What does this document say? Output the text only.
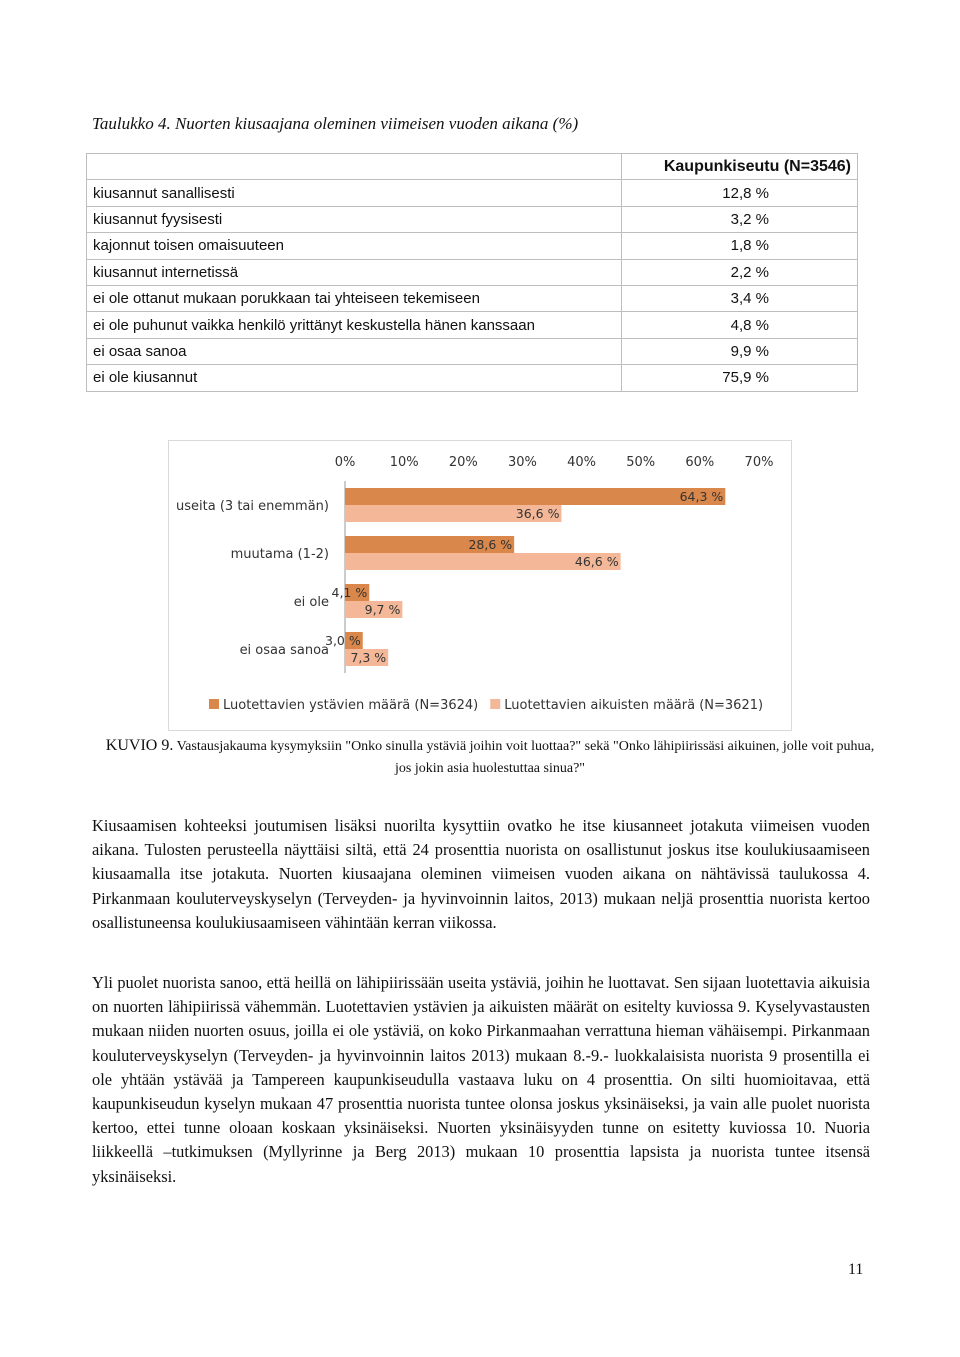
Taulukko 4. Nuorten kiusaajana oleminen viimeisen vuoden aikana (%)
	Kaupunkiseutu (N=3546)
kiusannut sanallisesti	12,8 %
kiusannut fyysisesti	3,2 %
kajonnut toisen omaisuuteen	1,8 %
kiusannut internetissä	2,2 %
ei ole ottanut mukaan porukkaan tai yhteiseen tekemiseen	3,4 %
ei ole puhunut vaikka henkilö yrittänyt keskustella hänen kanssaan	4,8 %
ei osaa sanoa	9,9 %
ei ole kiusannut	75,9 %
0%	10% 20% 30% 40% 50% 60% 70%
useita (3 tai enemmän)
64,3 %
36,6 %
muutama (1-2)
28,6 %
46,6 %
ei ole
4,1 %
9,7 %
ei osaa sanoa
3,0 %
7,3 %
Luotettavien ystävien määrä (N=3624) Luotettavien aikuisten määrä (N=3621)
KUVIO 9. Vastausjakauma kysymyksiin "Onko sinulla ystäviä joihin voit luottaa?" sekä "Onko lähipiirissäsi aikuinen, jolle voit puhua, jos jokin asia huolestuttaa sinua?"

Kiusaamisen kohteeksi joutumisen lisäksi nuorilta kysyttiin ovatko he itse kiusanneet jotakuta viimeisen vuoden aikana. Tulosten perusteella näyttäisi siltä, että 24 prosenttia nuorista on osallistunut joskus itse koulukiusaamiseen kiusaamalla itse jotakuta. Nuorten kiusaajana oleminen viimeisen vuoden aikana on nähtävissä taulukossa 4. Pirkanmaan kouluterveyskyselyn (Terveyden- ja hyvinvoinnin laitos, 2013) mukaan neljä prosenttia nuorista kertoo osallistuneensa koulukiusaamiseen vähintään kerran viikossa.

Yli puolet nuorista sanoo, että heillä on lähipiirissään useita ystäviä, joihin he luottavat. Sen sijaan luotettavia aikuisia on nuorten lähipiirissä vähemmän. Luotettavien ystävien ja aikuisten määrät on esitelty kuviossa 9. Kyselyvastausten mukaan niiden nuorten osuus, joilla ei ole ystäviä, on koko Pirkanmaahan verrattuna hieman vähäisempi. Pirkanmaan kouluterveyskyselyn (Terveyden- ja hyvinvoinnin laitos 2013) mukaan 8.-9.- luokkalaisista nuorista 9 prosentilla ei ole yhtään ystävää ja Tampereen kaupunkiseudulla vastaava luku on 4 prosenttia. On silti huomioitavaa, että kaupunkiseudun kyselyn mukaan 47 prosenttia nuorista tuntee olonsa joskus yksinäiseksi, ja vain alle puolet nuorista kertoo, ettei tunne oloaan koskaan yksinäiseksi. Nuorten yksinäisyyden tunne on esitetty kuviossa 10. Nuoria liikkeellä –tutkimuksen (Myllyrinne ja Berg 2013) mukaan 10 prosenttia lapsista ja nuorista tuntee itsensä yksinäiseksi.

11
